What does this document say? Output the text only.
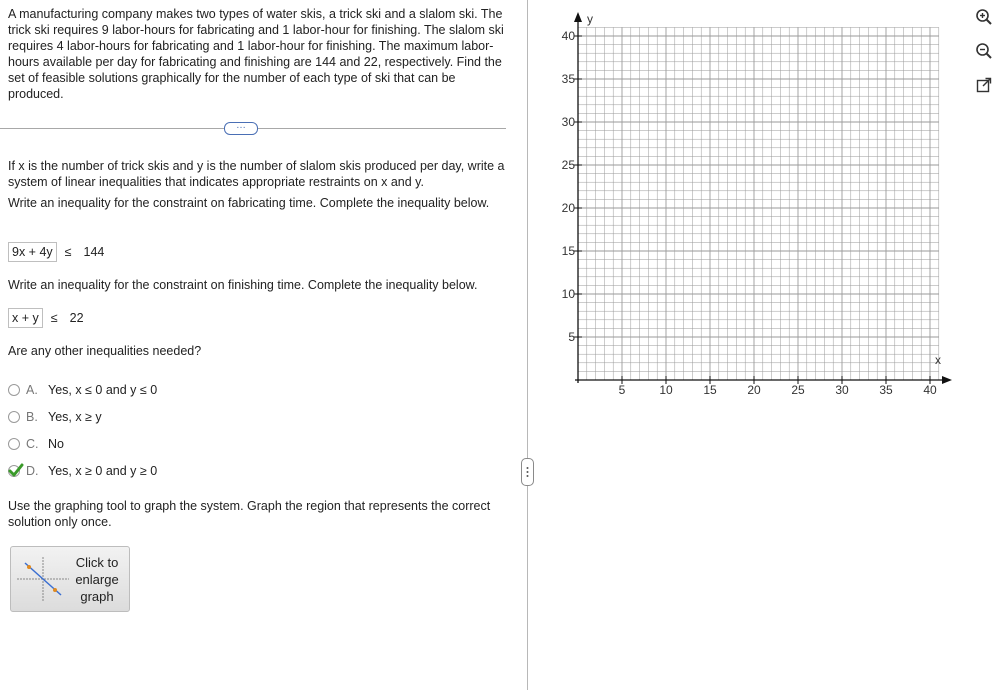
A manufacturing company makes two types of water skis, a trick ski and a slalom ski. The trick ski requires 9 labor-hours for fabricating and 1 labor-hour for finishing. The slalom ski requires 4 labor-hours for fabricating and 1 labor-hour for finishing. The maximum labor-hours available per day for fabricating and finishing are 144 and 22, respectively. Find the set of feasible solutions graphically for the number of each type of ski that can be produced.
…
If x is the number of trick skis and y is the number of slalom skis produced per day, write a system of linear inequalities that indicates appropriate restraints on x and y.
Write an inequality for the constraint on fabricating time. Complete the inequality below.
9x + 4y ≤ 144
Write an inequality for the constraint on finishing time. Complete the inequality below.
x + y ≤ 22
Are any other inequalities needed?
A. Yes, x ≤ 0 and y ≤ 0
B. Yes, x ≥ y
C. No
D. Yes, x ≥ 0 and y ≥ 0
Use the graphing tool to graph the system. Graph the region that represents the correct solution only once.
Click to enlarge graph
5	10	15	20	25	30	35	40
5
10
15
20
25
30
35
40
x
y
